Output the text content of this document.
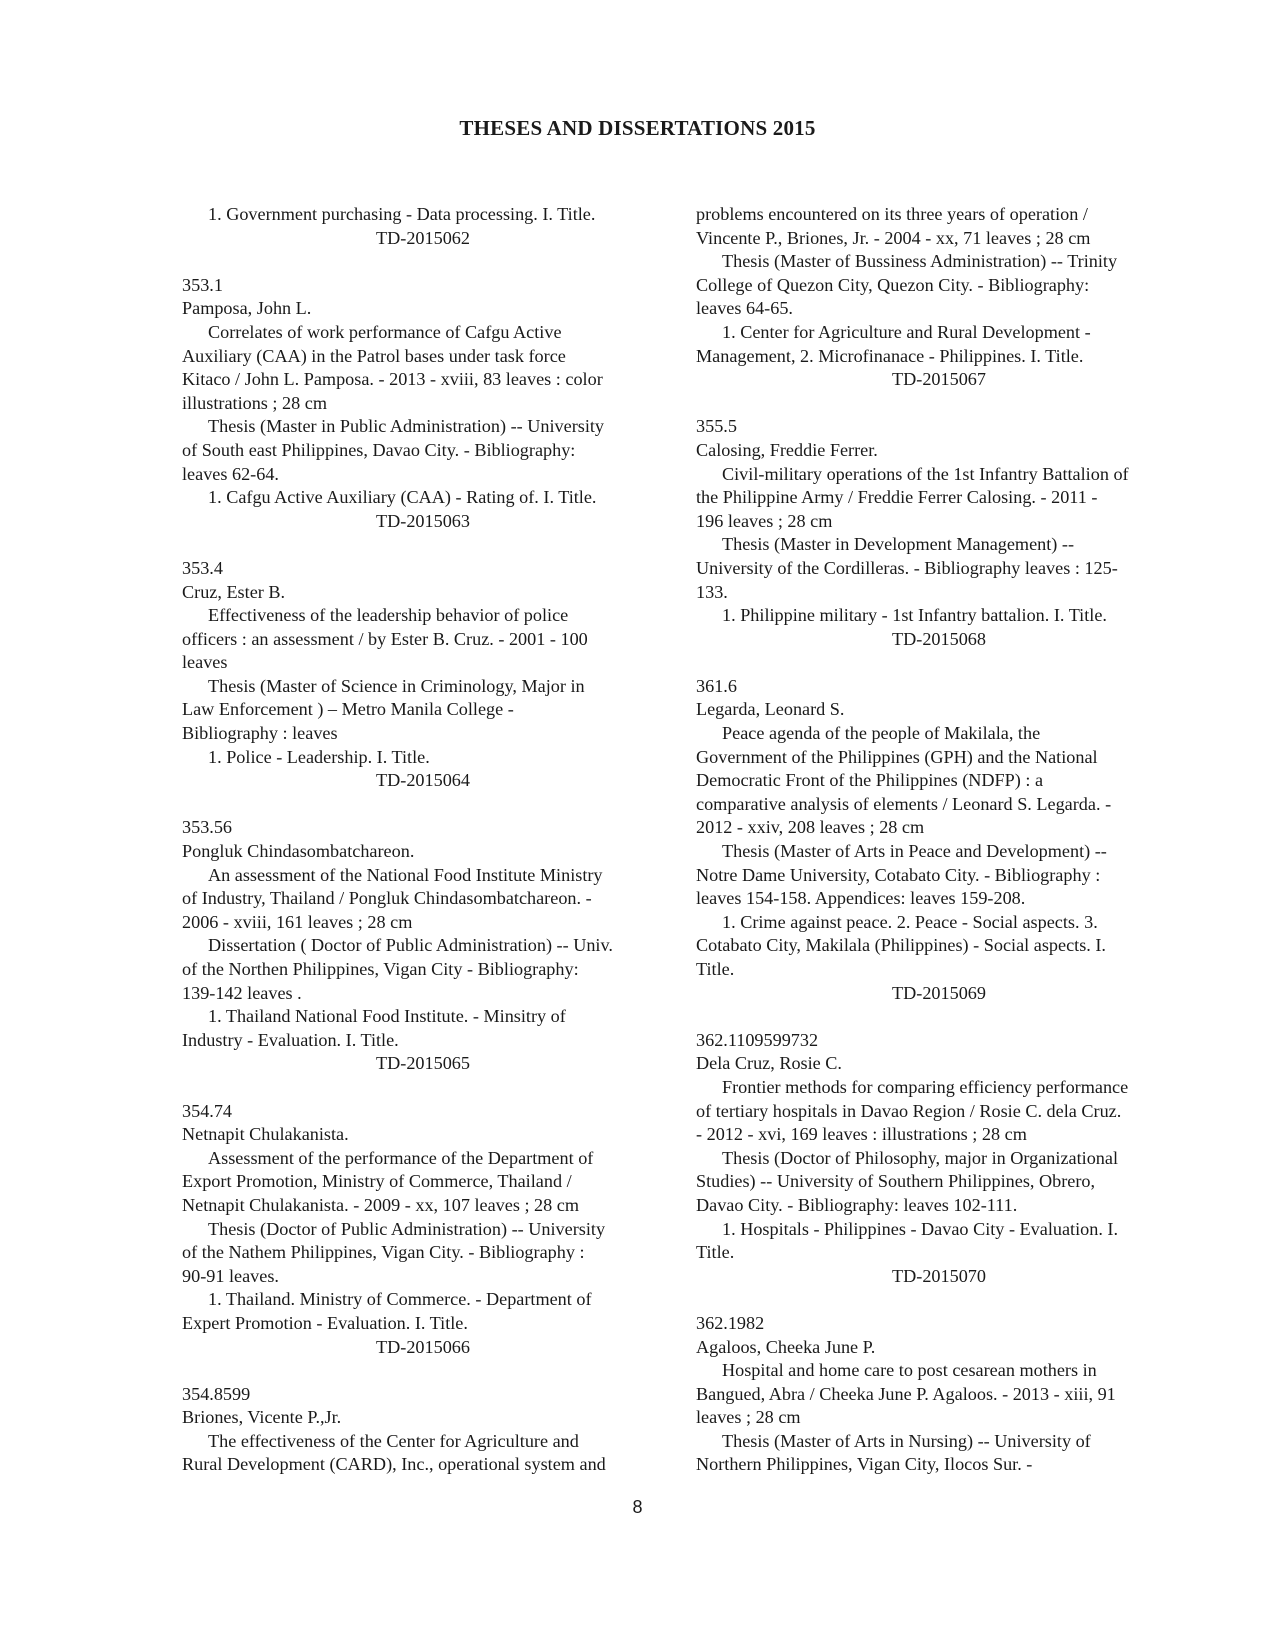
THESES AND DISSERTATIONS 2015

1. Government purchasing - Data processing. I. Title.

TD-2015062

353.1

Pamposa, John L.

Correlates of work performance of Cafgu Active
Auxiliary (CAA) in the Patrol bases under task force
Kitaco / John L. Pamposa. - 2013 - xviii, 83 leaves : color
illustrations ; 28 cm

Thesis (Master in Public Administration) -- University
of South east Philippines, Davao City. - Bibliography:
leaves 62-64.

1. Cafgu Active Auxiliary (CAA) - Rating of. I. Title.

TD-2015063

353.4

Cruz, Ester B.

Effectiveness of the leadership behavior of police
officers : an assessment / by Ester B. Cruz. - 2001 - 100
leaves

Thesis (Master of Science in Criminology, Major in
Law Enforcement ) – Metro Manila College -
Bibliography : leaves

1. Police - Leadership. I. Title.

TD-2015064

353.56

Pongluk Chindasombatchareon.

An assessment of the National Food Institute Ministry
of Industry, Thailand / Pongluk Chindasombatchareon. -
2006 - xviii, 161 leaves ; 28 cm

Dissertation ( Doctor of Public Administration) -- Univ.
of the Northen Philippines, Vigan City - Bibliography:
139-142 leaves .

1. Thailand National Food Institute. - Minsitry of
Industry - Evaluation. I. Title.

TD-2015065

354.74

Netnapit Chulakanista.

Assessment of the performance of the Department of
Export Promotion, Ministry of Commerce, Thailand /
Netnapit Chulakanista. - 2009 - xx, 107 leaves ; 28 cm

Thesis (Doctor of Public Administration) -- University
of the Nathem Philippines, Vigan City. - Bibliography :
90-91 leaves.

1. Thailand. Ministry of Commerce. - Department of
Expert Promotion - Evaluation. I. Title.

TD-2015066

354.8599

Briones, Vicente P.,Jr.

The effectiveness of the Center for Agriculture and
Rural Development (CARD), Inc., operational system and

problems encountered on its three years of operation /
Vincente P., Briones, Jr. - 2004 - xx, 71 leaves ; 28 cm

Thesis (Master of Bussiness Administration) -- Trinity
College of Quezon City, Quezon City. - Bibliography:
leaves 64-65.

1. Center for Agriculture and Rural Development -
Management, 2. Microfinanace - Philippines. I. Title.

TD-2015067

355.5

Calosing, Freddie Ferrer.

Civil-military operations of the 1st Infantry Battalion of
the Philippine Army / Freddie Ferrer Calosing. - 2011 -
196 leaves ; 28 cm

Thesis (Master in Development Management) --
University of the Cordilleras. - Bibliography leaves : 125-
133.

1. Philippine military - 1st Infantry battalion. I. Title.

TD-2015068

361.6

Legarda, Leonard S.

Peace agenda of the people of Makilala, the
Government of the Philippines (GPH) and the National
Democratic Front of the Philippines (NDFP) : a
comparative analysis of elements / Leonard S. Legarda. -
2012 - xxiv, 208 leaves ; 28 cm

Thesis (Master of Arts in Peace and Development) --
Notre Dame University, Cotabato City. - Bibliography :
leaves 154-158. Appendices: leaves 159-208.

1. Crime against peace. 2. Peace - Social aspects. 3.
Cotabato City, Makilala (Philippines) - Social aspects. I.
Title.

TD-2015069

362.1109599732

Dela Cruz, Rosie C.

Frontier methods for comparing efficiency performance
of tertiary hospitals in Davao Region / Rosie C. dela Cruz.
- 2012 - xvi, 169 leaves : illustrations ; 28 cm

Thesis (Doctor of Philosophy, major in Organizational
Studies) -- University of Southern Philippines, Obrero,
Davao City. - Bibliography: leaves 102-111.

1. Hospitals - Philippines - Davao City - Evaluation. I.
Title.

TD-2015070

362.1982

Agaloos, Cheeka June P.

Hospital and home care to post cesarean mothers in
Bangued, Abra / Cheeka June P. Agaloos. - 2013 - xiii, 91
leaves ; 28 cm

Thesis (Master of Arts in Nursing) -- University of
Northern Philippines, Vigan City, Ilocos Sur. -

8
